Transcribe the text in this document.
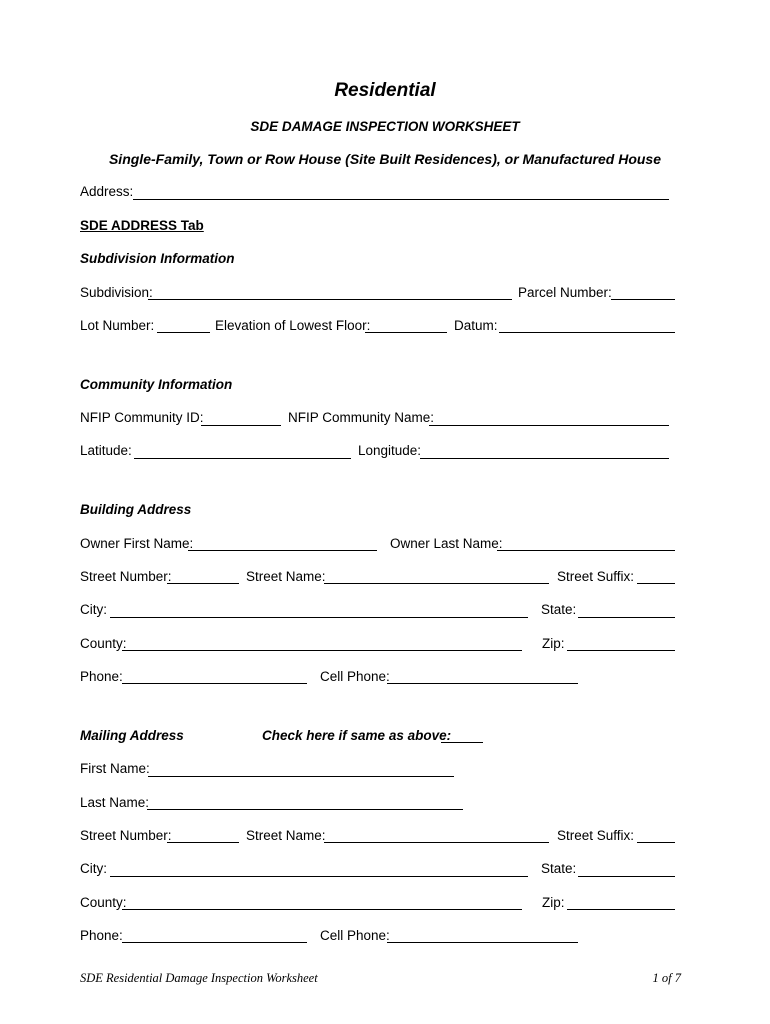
Residential
SDE DAMAGE INSPECTION WORKSHEET
Single-Family, Town or Row House (Site Built Residences), or Manufactured House
Address:
SDE ADDRESS Tab
Subdivision Information
Subdivision:	Parcel Number:
Lot Number:	Elevation of Lowest Floor:	Datum:
Community Information
NFIP Community ID:	NFIP Community Name:
Latitude:	Longitude:
Building Address
Owner First Name:	Owner Last Name:
Street Number:	Street Name:	Street Suffix:
City:	State:
County:	Zip:
Phone:	Cell Phone:
Mailing Address	Check here if same as above:
First Name:
Last Name:
Street Number:	Street Name:	Street Suffix:
City:	State:
County:	Zip:
Phone:	Cell Phone:
SDE Residential Damage Inspection Worksheet	1 of 7
